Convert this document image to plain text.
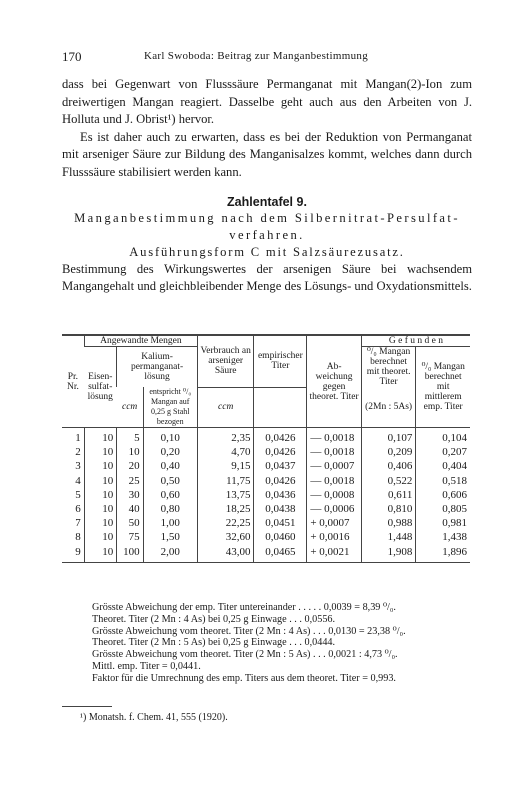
170	Karl Swoboda: Beitrag zur Manganbestimmung

dass bei Gegenwart von Flusssäure Permanganat mit Mangan(2)-Ion zum dreiwertigen Mangan reagiert. Dasselbe geht auch aus den Arbeiten von J. Holluta und J. Obrist¹) hervor.

Es ist daher auch zu erwarten, dass es bei der Reduktion von Permanganat mit arseniger Säure zur Bildung des Manganisalzes kommt, welches dann durch Flusssäure stabilisiert werden kann.

Zahlentafel 9.
Manganbestimmung nach dem Silbernitrat-Persulfat-verfahren.
Ausführungsform C mit Salzsäurezusatz.

Bestimmung des Wirkungswertes der arsenigen Säure bei wachsendem Mangangehalt und gleichbleibender Menge des Lösungs- und Oxydationsmittels.

Pr. Nr.	Angewandte Mengen			Verbrauch an arseniger Säure	empirischer Titer	Ab-weichung gegen theoret. Titer	G e f u n d e n	
	Eisen-sulfat-lösung	Kalium-permanganat-lösung					⁰/₀ Mangan berechnet mit theoret. Titer	⁰/₀ Mangan berechnet mit mittlerem emp. Titer
		ccm	entspricht ⁰/₀ Mangan auf 0,25 g Stahl bezogen	ccm			(2Mn : 5As)	
1	10	5	0,10	2,35	0,0426	— 0,0018	0,107	0,104
2	10	10	0,20	4,70	0,0426	— 0,0018	0,209	0,207
3	10	20	0,40	9,15	0,0437	— 0,0007	0,406	0,404
4	10	25	0,50	11,75	0,0426	— 0,0018	0,522	0,518
5	10	30	0,60	13,75	0,0436	— 0,0008	0,611	0,606
6	10	40	0,80	18,25	0,0438	— 0,0006	0,810	0,805
7	10	50	1,00	22,25	0,0451	+ 0,0007	0,988	0,981
8	10	75	1,50	32,60	0,0460	+ 0,0016	1,448	1,438
9	10	100	2,00	43,00	0,0465	+ 0,0021	1,908	1,896
Grösste Abweichung der emp. Titer untereinander . . . . . 0,0039 = 8,39 ⁰/₀.
Theoret. Titer (2 Mn : 4 As) bei 0,25 g Einwage . . . 0,0556.
Grösste Abweichung vom theoret. Titer (2 Mn : 4 As) . . . 0,0130 = 23,38 ⁰/₀.
Theoret. Titer (2 Mn : 5 As) bei 0,25 g Einwage . . . 0,0444.
Grösste Abweichung vom theoret. Titer (2 Mn : 5 As) . . . 0,0021 : 4,73 ⁰/₀.
Mittl. emp. Titer = 0,0441.
Faktor für die Umrechnung des emp. Titers aus dem theoret. Titer = 0,993.
¹) Monatsh. f. Chem. 41, 555 (1920).
